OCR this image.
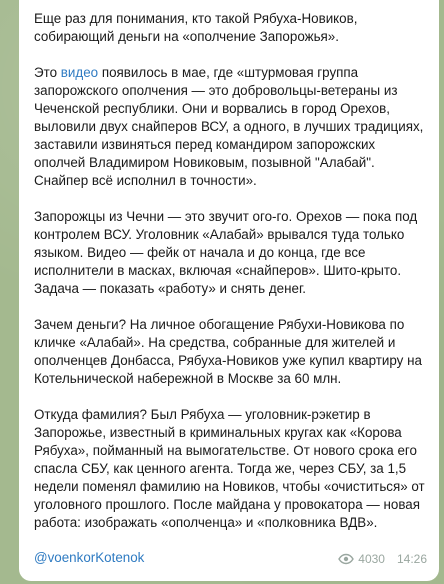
Еще раз для понимания, кто такой Рябуха-Новиков, собирающий деньги на «ополчение Запорожья».

Это видео появилось в мае, где «штурмовая группа запорожского ополчения — это добровольцы-ветераны из Чеченской республики. Они и ворвались в город Орехов, выловили двух снайперов ВСУ, а одного, в лучших традициях, заставили извиняться перед командиром запорожских ополчей Владимиром Новиковым, позывной "Алабай". Снайпер всё исполнил в точности».

Запорожцы из Чечни — это звучит ого-го. Орехов — пока под контролем ВСУ. Уголовник «Алабай» врывался туда только языком. Видео — фейк от начала и до конца, где все исполнители в масках, включая «снайперов». Шито-крыто. Задача — показать «работу» и снять денег.

Зачем деньги? На личное обогащение Рябухи-Новикова по кличке «Алабай». На средства, собранные для жителей и ополченцев Донбасса, Рябуха-Новиков уже купил квартиру на Котельнической набережной в Москве за 60 млн.

Откуда фамилия? Был Рябуха — уголовник-рэкетир в Запорожье, известный в криминальных кругах как «Корова Рябуха», пойманный на вымогательстве. От нового срока его спасла СБУ, как ценного агента. Тогда же, через СБУ, за 1,5 недели поменял фамилию на Новиков, чтобы «очиститься» от уголовного прошлого. После майдана у провокатора — новая работа: изображать «ополченца» и «полковника ВДВ».

@voenkorKotenok	4030 14:26
